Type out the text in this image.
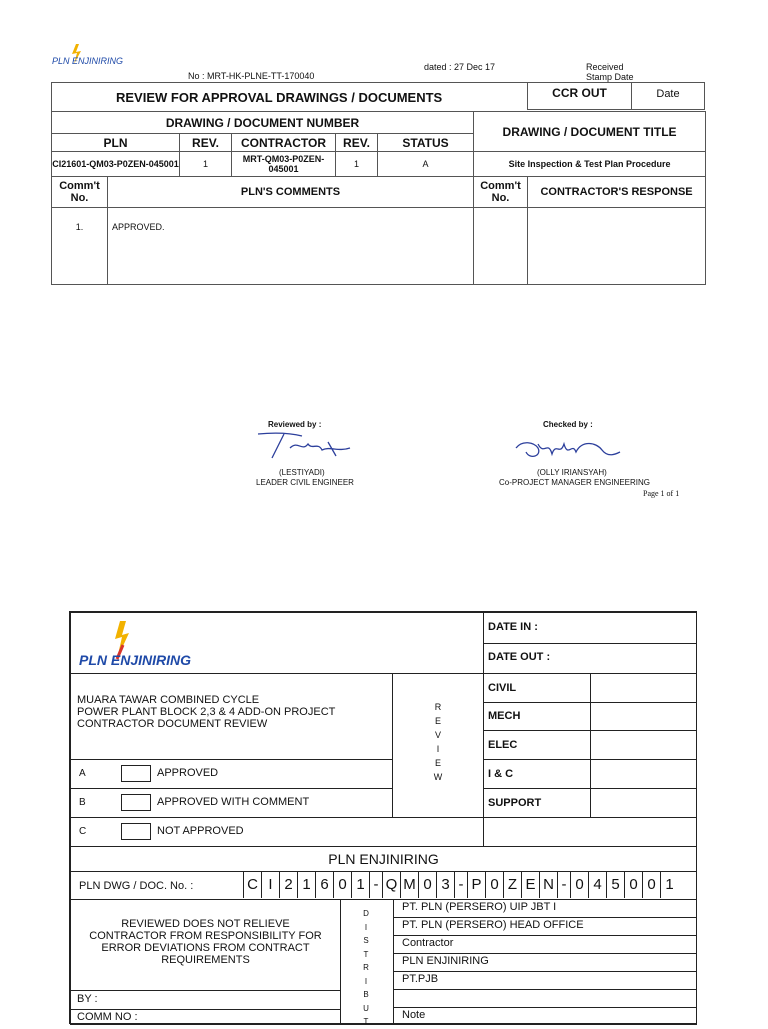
PLN ENJINIRING
No : MRT-HK-PLNE-TT-170040
dated : 27 Dec 17	Received
Stamp Date
REVIEW FOR APPROVAL DRAWINGS / DOCUMENTS							
DRAWING / DOCUMENT NUMBER						DRAWING / DOCUMENT TITLE	
PLN		REV.	CONTRACTOR	REV.	STATUS		
CI21601-QM03-P0ZEN-045001		1	MRT-QM03-P0ZEN-045001	1	A	Site Inspection & Test Plan Procedure	
Comm't No.	PLN'S COMMENTS					Comm't No.	CONTRACTOR'S RESPONSE
1.	APPROVED.						
CCR OUT	Date
Reviewed by :
(LESTIYADI)
LEADER CIVIL ENGINEER
Checked by :
(OLLY IRIANSYAH)
Co-PROJECT MANAGER ENGINEERING
Page 1 of 1
PLN ENJINIRING
DATE IN :
DATE OUT :
MUARA TAWAR COMBINED CYCLE
POWER PLANT BLOCK 2,3 & 4 ADD-ON PROJECT
CONTRACTOR DOCUMENT REVIEW
R
E
V
I
E
W
CIVIL
MECH
ELEC
I & C
SUPPORT
A	APPROVED
B	APPROVED WITH COMMENT
C	NOT APPROVED
PLN ENJINIRING
PLN DWG / DOC. No. :	C I 2 1 6 0 1 - Q M 0 3 - P 0 Z E N - 0 4 5 0 0 1
REVIEWED DOES NOT RELIEVE
CONTRACTOR FROM RESPONSIBILITY FOR
ERROR DEVIATIONS FROM CONTRACT
REQUIREMENTS
BY :
COMM NO :
D
I
S
T
R
I
B
U
T
PT. PLN (PERSERO) UIP JBT I
PT. PLN (PERSERO) HEAD OFFICE
Contractor
PLN ENJINIRING
PT.PJB
Note
